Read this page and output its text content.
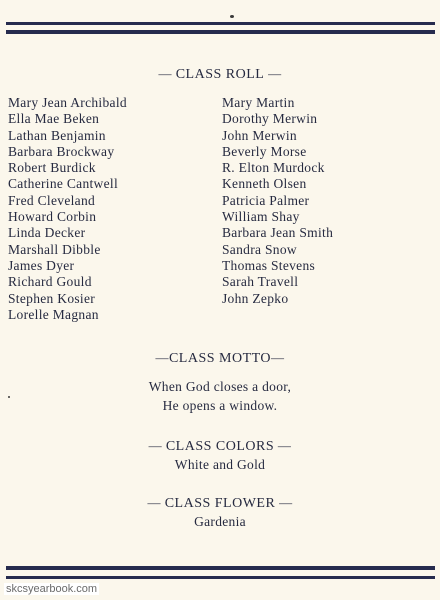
— CLASS ROLL —
Mary Jean Archibald
Ella Mae Beken
Lathan Benjamin
Barbara Brockway
Robert Burdick
Catherine Cantwell
Fred Cleveland
Howard Corbin
Linda Decker
Marshall Dibble
James Dyer
Richard Gould
Stephen Kosier
Lorelle Magnan
Mary Martin
Dorothy Merwin
John Merwin
Beverly Morse
R. Elton Murdock
Kenneth Olsen
Patricia Palmer
William Shay
Barbara Jean Smith
Sandra Snow
Thomas Stevens
Sarah Travell
John Zepko
—CLASS MOTTO—
When God closes a door,
He opens a window.
— CLASS COLORS —
White and Gold
— CLASS FLOWER —
Gardenia
skcsyearbook.com
